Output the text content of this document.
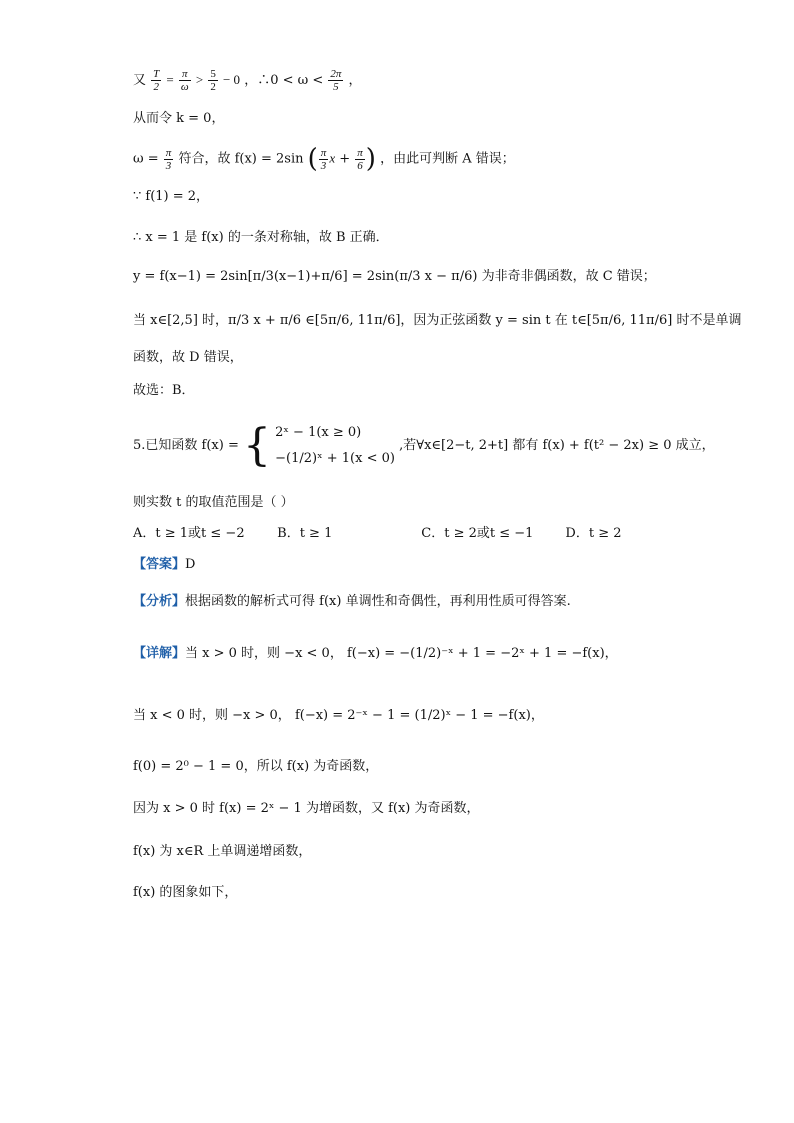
又 $\frac{T}{2} = \frac{\pi}{\omega} > \frac{5}{2} - 0$ ，∴0 < $\omega < \frac{2\pi}{5}$ ，
从而令 k = 0，
$\omega = \frac{\pi}{3}$ 符合，故 f(x) = 2sin ( $\frac{\pi}{3}$ $x + \frac{\pi}{6}$ ) ，由此可判断 A 错误；
∵ f(1) = 2，
∴ x = 1 是 f(x) 的一条对称轴，故 B 正确．
y = f(x−1) = 2sin[π/3(x−1)+π/6] = 2sin(π/3 x − π/6) 为非奇非偶函数，故 C 错误；
当 x∈[2,5] 时，π/3 x + π/6 ∈[5π/6, 11π/6]，因为正弦函数 y = sin t 在 t∈[5π/6, 11π/6] 时不是单调
函数，故 D 错误，
故选：B．
5.已知函数 f(x) = { 2ˣ − 1(x ≥ 0)
−(1/2)ˣ + 1(x < 0)
,若∀x∈[2−t, 2+t] 都有 f(x) + f(t² − 2x) ≥ 0 成立，
则实数 t 的取值范围是（ ）
A．t ≥ 1或t ≤ −2	B．t ≥ 1	C．t ≥ 2或t ≤ −1 D．t ≥ 2
【答案】D
【分析】根据函数的解析式可得 f(x) 单调性和奇偶性，再利用性质可得答案.
【详解】当 x > 0 时，则 −x < 0， f(−x) = −(1/2)⁻ˣ + 1 = −2ˣ + 1 = −f(x)，
当 x < 0 时，则 −x > 0， f(−x) = 2⁻ˣ − 1 = (1/2)ˣ − 1 = −f(x)，
f(0) = 2⁰ − 1 = 0，所以 f(x) 为奇函数，
因为 x > 0 时 f(x) = 2ˣ − 1 为增函数，又 f(x) 为奇函数，
f(x) 为 x∈R 上单调递增函数，
f(x) 的图象如下，
